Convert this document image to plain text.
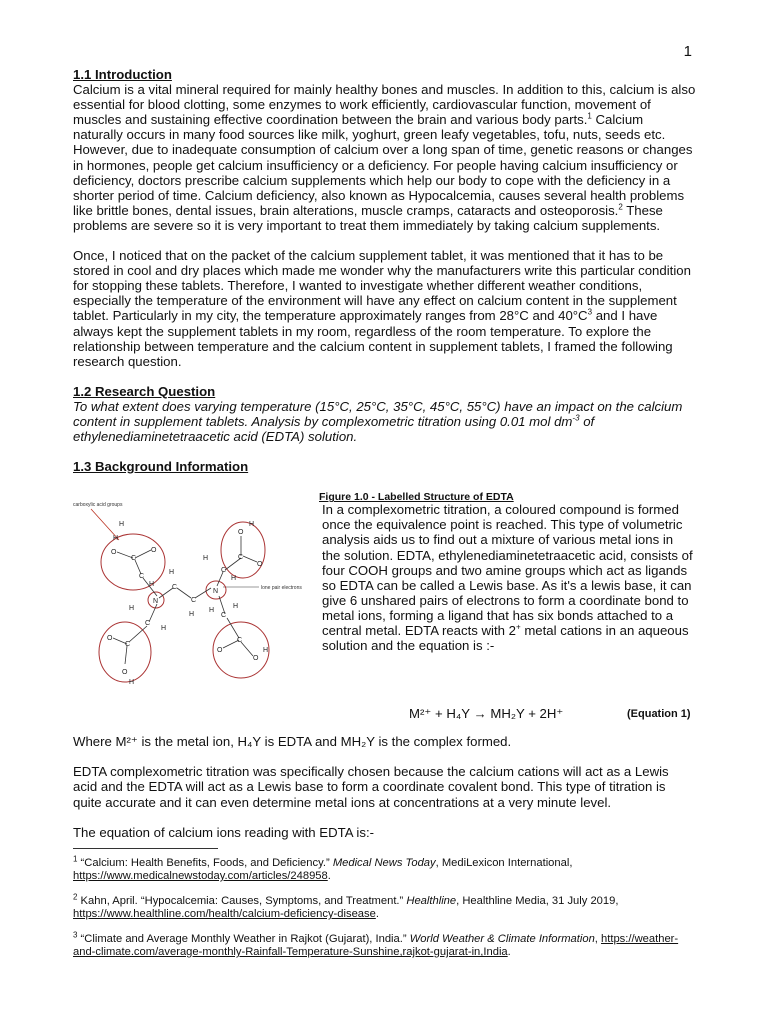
1
1.1 Introduction

Calcium is a vital mineral required for mainly healthy bones and muscles. In addition to this, calcium is also essential for blood clotting, some enzymes to work efficiently, cardiovascular function, movement of muscles and sustaining effective coordination between the brain and various body parts.$^1$ Calcium naturally occurs in many food sources like milk, yoghurt, green leafy vegetables, tofu, nuts, seeds etc. However, due to inadequate consumption of calcium over a long span of time, genetic reasons or changes in hormones, people get calcium insufficiency or a deficiency. For people having calcium insufficiency or deficiency, doctors prescribe calcium supplements which help our body to cope with the deficiency in a shorter period of time. Calcium deficiency, also known as Hypocalcemia, causes several health problems like brittle bones, dental issues, brain alterations, muscle cramps, cataracts and osteoporosis.$^2$ These problems are severe so it is very important to treat them immediately by taking calcium supplements.

Once, I noticed that on the packet of the calcium supplement tablet, it was mentioned that it has to be stored in cool and dry places which made me wonder why the manufacturers write this particular condition for stopping these tablets. Therefore, I wanted to investigate whether different weather conditions, especially the temperature of the environment will have any effect on calcium content in the supplement tablet. Particularly in my city, the temperature approximately ranges from 28°C and $40^\circ C^3$ and I have always kept the supplement tablets in my room, regardless of the room temperature. To explore the relationship between temperature and the calcium content in supplement tablets, I framed the following research question.

1.2 Research Question

To what extent does varying temperature (15°C, 25°C, 35°C, 45°C, 55°C) have an impact on the calcium content in supplement tablets. Analysis by complexometric titration using 0.01 mol $dm^{-3}$ of ethylenediaminetetraacetic acid (EDTA) solution.

1.3 Background Information
carboxylic acid groups
lone pair electrons
N
N
C
C
C
C
O	O
H
H
C
C
O
O
H
H
C
C
O
O
H
C
C
O
O
H
H
H
H
H
H
H
H
H
Figure 1.0 - Labelled Structure of EDTA

In a complexometric titration, a coloured compound is formed once the equivalence point is reached. This type of volumetric analysis aids us to find out a mixture of various metal ions in the solution. EDTA, ethylenediaminetetraacetic acid, consists of four COOH groups and two amine groups which act as ligands so EDTA can be called a Lewis base. As it's a lewis base, it can give 6 unshared pairs of electrons to form a coordinate bond to metal ions, forming a ligand that has six bonds attached to a central metal. EDTA reacts with 2+ metal cations in an aqueous solution and the equation is :-

M²⁺ + H₄Y → MH₂Y + 2H⁺	(Equation 1)

Where M²⁺ is the metal ion, H₄Y is EDTA and MH₂Y is the complex formed.

EDTA complexometric titration was specifically chosen because the calcium cations will act as a Lewis acid and the EDTA will act as a Lewis base to form a coordinate covalent bond. This type of titration is quite accurate and it can even determine metal ions at concentrations at a very minute level.

The equation of calcium ions reading with EDTA is:-

$^1$ “Calcium: Health Benefits, Foods, and Deficiency.” Medical News Today, MediLexicon International, https://www.medicalnewstoday.com/articles/248958.
$^2$ Kahn, April. “Hypocalcemia: Causes, Symptoms, and Treatment.” Healthline, Healthline Media, 31 July 2019, https://www.healthline.com/health/calcium-deficiency-disease.
$^3$ “Climate and Average Monthly Weather in Rajkot (Gujarat), India.” World Weather & Climate Information, https://weather-and-climate.com/average-monthly-Rainfall-Temperature-Sunshine,rajkot-gujarat-in,India.
